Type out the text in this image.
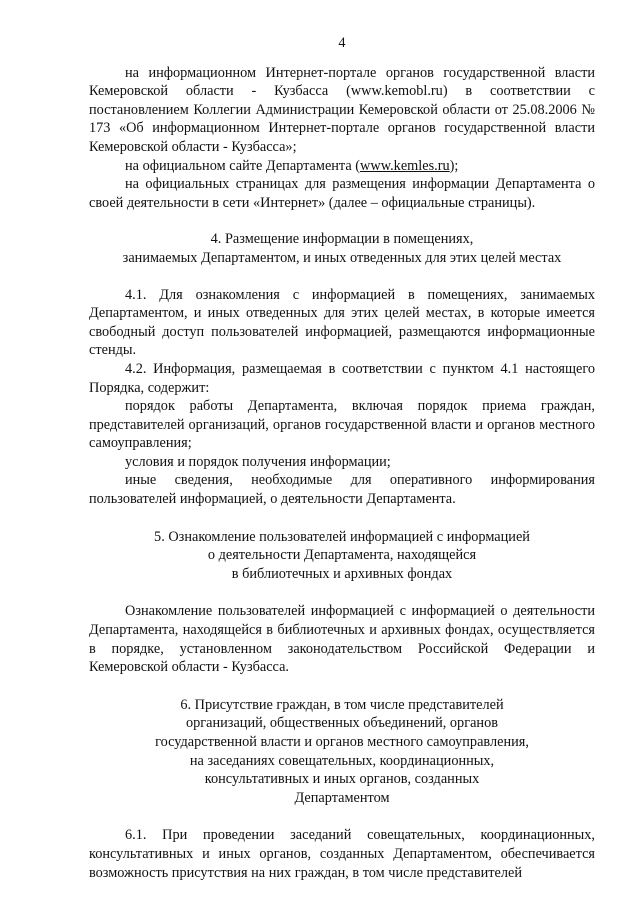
4

на информационном Интернет-портале органов государственной власти Кемеровской области - Кузбасса (www.kemobl.ru) в соответствии с постановлением Коллегии Администрации Кемеровской области от 25.08.2006 № 173 «Об информационном Интернет-портале органов государственной власти Кемеровской области - Кузбасса»;

на официальном сайте Департамента (www.kemles.ru);

на официальных страницах для размещения информации Департамента о своей деятельности в сети «Интернет» (далее – официальные страницы).

4. Размещение информации в помещениях,

занимаемых Департаментом, и иных отведенных для этих целей местах

4.1. Для ознакомления с информацией в помещениях, занимаемых Департаментом, и иных отведенных для этих целей местах, в которые имеется свободный доступ пользователей информацией, размещаются информационные стенды.

4.2. Информация, размещаемая в соответствии с пунктом 4.1 настоящего Порядка, содержит:

порядок работы Департамента, включая порядок приема граждан, представителей организаций, органов государственной власти и органов местного самоуправления;

условия и порядок получения информации;

иные сведения, необходимые для оперативного информирования пользователей информацией, о деятельности Департамента.

5. Ознакомление пользователей информацией с информацией

о деятельности Департамента, находящейся

в библиотечных и архивных фондах

Ознакомление пользователей информацией с информацией о деятельности Департамента, находящейся в библиотечных и архивных фондах, осуществляется в порядке, установленном законодательством Российской Федерации и Кемеровской области - Кузбасса.

6. Присутствие граждан, в том числе представителей

организаций, общественных объединений, органов

государственной власти и органов местного самоуправления,

на заседаниях совещательных, координационных,

консультативных и иных органов, созданных

Департаментом

6.1. При проведении заседаний совещательных, координационных, консультативных и иных органов, созданных Департаментом, обеспечивается возможность присутствия на них граждан, в том числе представителей
